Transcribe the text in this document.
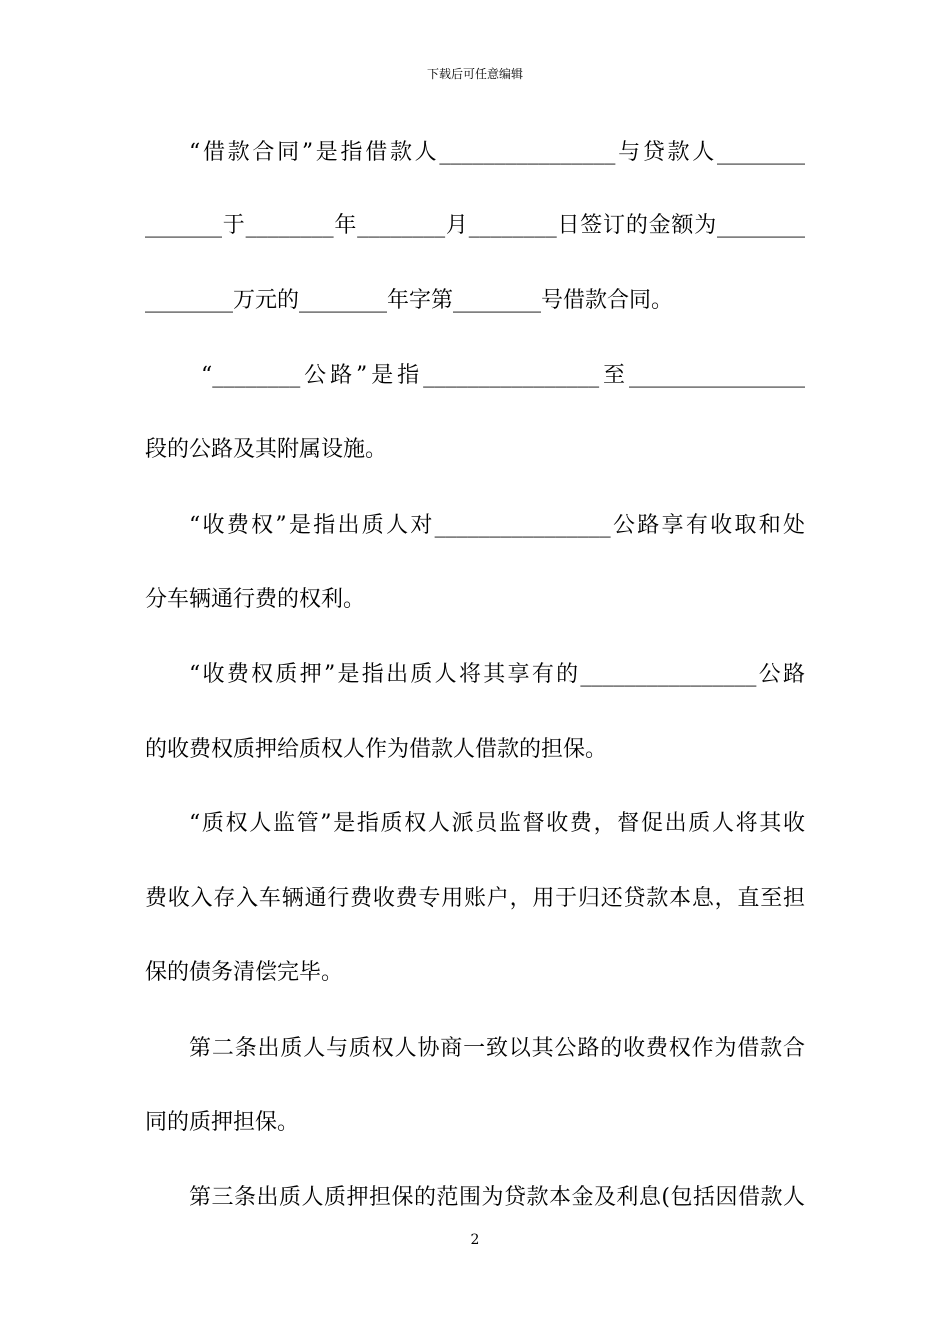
下载后可任意编辑
“借款合同”是指借款人________________与贷款人________
_______于________年________月________日签订的金额为________
________万元的________年字第________号借款合同。
“________公路”是指________________至________________
段的公路及其附属设施。
“收费权”是指出质人对________________公路享有收取和处
分车辆通行费的权利。
“收费权质押”是指出质人将其享有的________________公路
的收费权质押给质权人作为借款人借款的担保。
“质权人监管”是指质权人派员监督收费，督促出质人将其收
费收入存入车辆通行费收费专用账户，用于归还贷款本息，直至担
保的债务清偿完毕。
第二条出质人与质权人协商一致以其公路的收费权作为借款合
同的质押担保。
第三条出质人质押担保的范围为贷款本金及利息(包括因借款人
2
